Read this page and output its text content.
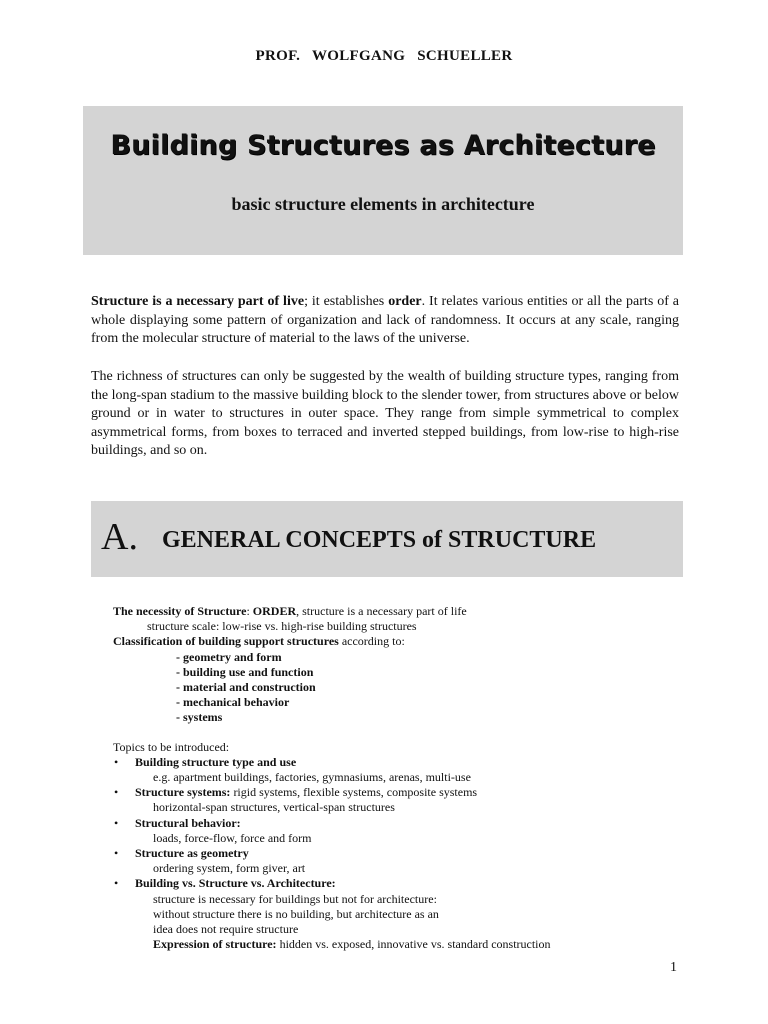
PROF. WOLFGANG SCHUELLER
Building Structures as Architecture
basic structure elements in architecture

Structure is a necessary part of live; it establishes order. It relates various entities or all the parts of a whole displaying some pattern of organization and lack of randomness. It occurs at any scale, ranging from the molecular structure of material to the laws of the universe.

The richness of structures can only be suggested by the wealth of building structure types, ranging from the long-span stadium to the massive building block to the slender tower, from structures above or below ground or in water to structures in outer space. They range from simple symmetrical to complex asymmetrical forms, from boxes to terraced and inverted stepped buildings, from low-rise to high-rise buildings, and so on.

A. GENERAL CONCEPTS of STRUCTURE
The necessity of Structure: ORDER, structure is a necessary part of life
structure scale: low-rise vs. high-rise building structures
Classification of building support structures according to:
- geometry and form
- building use and function
- material and construction
- mechanical behavior
- systems
Topics to be introduced:
• Building structure type and use
e.g. apartment buildings, factories, gymnasiums, arenas, multi-use
• Structure systems: rigid systems, flexible systems, composite systems
horizontal-span structures, vertical-span structures
• Structural behavior:
loads, force-flow, force and form
• Structure as geometry
ordering system, form giver, art
• Building vs. Structure vs. Architecture:
structure is necessary for buildings but not for architecture:
without structure there is no building, but architecture as an
idea does not require structure
Expression of structure: hidden vs. exposed, innovative vs. standard construction
1
